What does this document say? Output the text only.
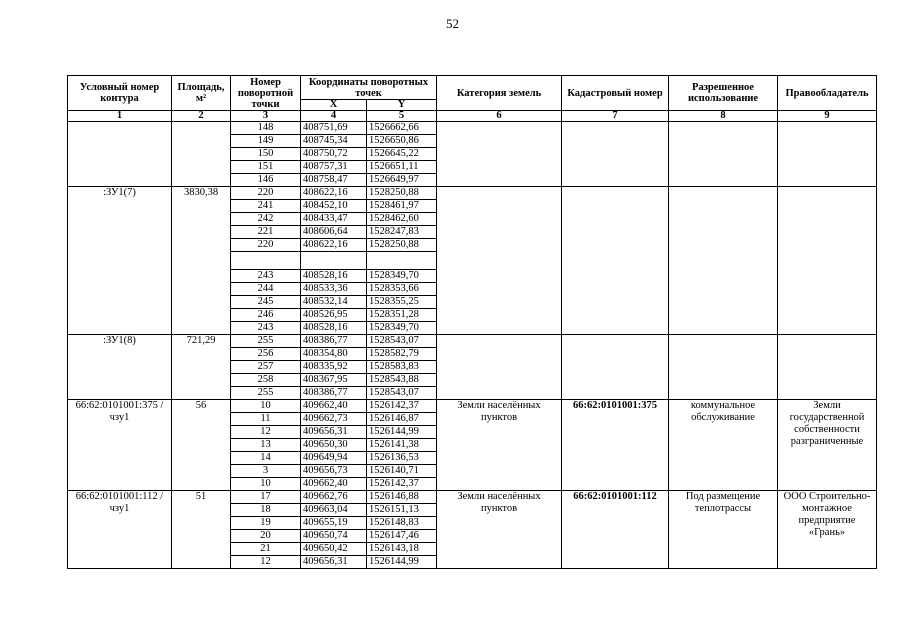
52
Условный номер контура	Площадь, м²	Номер поворотной точки	Координаты поворотных точек		Категория земель	Кадастровый номер	Разрешенное использование	Правообладатель
			X	Y				
1	2	3	4	5	6	7	8	9
		148	408751,69	1526662,66				
		149	408745,34	1526650,86				
		150	408750,72	1526645,22				
		151	408757,31	1526651,11				
		146	408758,47	1526649,97				
:ЗУ1(7)	3830,38	220	408622,16	1528250,88				
		241	408452,10	1528461,97				
		242	408433,47	1528462,60				
		221	408606,64	1528247,83				
		220	408622,16	1528250,88				

		243	408528,16	1528349,70				
		244	408533,36	1528353,66				
		245	408532,14	1528355,25				
		246	408526,95	1528351,28				
		243	408528,16	1528349,70				
:ЗУ1(8)	721,29	255	408386,77	1528543,07				
		256	408354,80	1528582,79				
		257	408335,92	1528583,83				
		258	408367,95	1528543,88				
		255	408386,77	1528543,07				
66:62:0101001:375 /чзу1	56	10	409662,40	1526142,37	Земли населённых пунктов	66:62:0101001:375	коммунальное обслуживание	Земли государственной собственности разграниченные
		11	409662,73	1526146,87				
		12	409656,31	1526144,99				
		13	409650,30	1526141,38				
		14	409649,94	1526136,53				
		3	409656,73	1526140,71				
		10	409662,40	1526142,37				
66:62:0101001:112 /чзу1	51	17	409662,76	1526146,88	Земли населённых пунктов	66:62:0101001:112	Под размещение теплотрассы	ООО Строительно-монтажное предприятие «Грань»
		18	409663,04	1526151,13				
		19	409655,19	1526148,83				
		20	409650,74	1526147,46				
		21	409650,42	1526143,18				
		12	409656,31	1526144,99				
